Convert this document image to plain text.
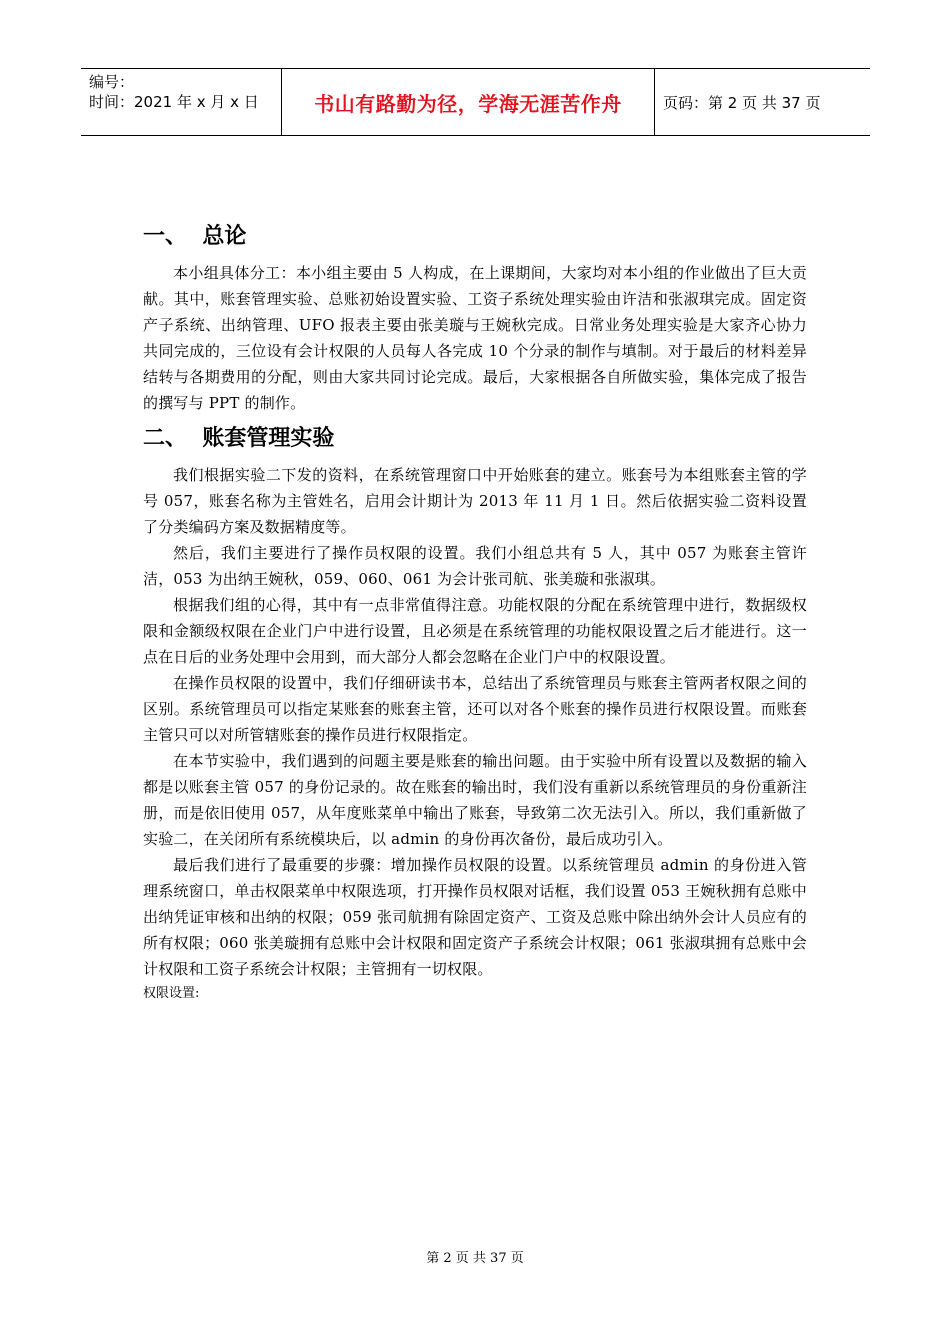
编号：
时间：2021 年 x 月 x 日	书山有路勤为径，学海无涯苦作舟	页码：第 2 页 共 37 页
一、  总论

本小组具体分工：本小组主要由 5 人构成，在上课期间，大家均对本小组的作业做出了巨大贡献。其中，账套管理实验、总账初始设置实验、工资子系统处理实验由许洁和张淑琪完成。固定资产子系统、出纳管理、UFO 报表主要由张美璇与王婉秋完成。日常业务处理实验是大家齐心协力共同完成的，三位设有会计权限的人员每人各完成 10 个分录的制作与填制。对于最后的材料差异结转与各期费用的分配，则由大家共同讨论完成。最后，大家根据各自所做实验，集体完成了报告的撰写与 PPT 的制作。

二、  账套管理实验

我们根据实验二下发的资料，在系统管理窗口中开始账套的建立。账套号为本组账套主管的学号 057，账套名称为主管姓名，启用会计期计为 2013 年 11 月 1 日。然后依据实验二资料设置了分类编码方案及数据精度等。

然后，我们主要进行了操作员权限的设置。我们小组总共有 5 人，其中 057 为账套主管许洁，053 为出纳王婉秋，059、060、061 为会计张司航、张美璇和张淑琪。

根据我们组的心得，其中有一点非常值得注意。功能权限的分配在系统管理中进行，数据级权限和金额级权限在企业门户中进行设置，且必须是在系统管理的功能权限设置之后才能进行。这一点在日后的业务处理中会用到，而大部分人都会忽略在企业门户中的权限设置。

在操作员权限的设置中，我们仔细研读书本，总结出了系统管理员与账套主管两者权限之间的区别。系统管理员可以指定某账套的账套主管，还可以对各个账套的操作员进行权限设置。而账套主管只可以对所管辖账套的操作员进行权限指定。

在本节实验中，我们遇到的问题主要是账套的输出问题。由于实验中所有设置以及数据的输入都是以账套主管 057 的身份记录的。故在账套的输出时，我们没有重新以系统管理员的身份重新注册，而是依旧使用 057，从年度账菜单中输出了账套，导致第二次无法引入。所以，我们重新做了实验二，在关闭所有系统模块后，以 admin 的身份再次备份，最后成功引入。

最后我们进行了最重要的步骤：增加操作员权限的设置。以系统管理员 admin 的身份进入管理系统窗口，单击权限菜单中权限选项，打开操作员权限对话框，我们设置 053 王婉秋拥有总账中出纳凭证审核和出纳的权限；059 张司航拥有除固定资产、工资及总账中除出纳外会计人员应有的所有权限；060 张美璇拥有总账中会计权限和固定资产子系统会计权限；061 张淑琪拥有总账中会计权限和工资子系统会计权限；主管拥有一切权限。

权限设置:

第 2 页 共 37 页
